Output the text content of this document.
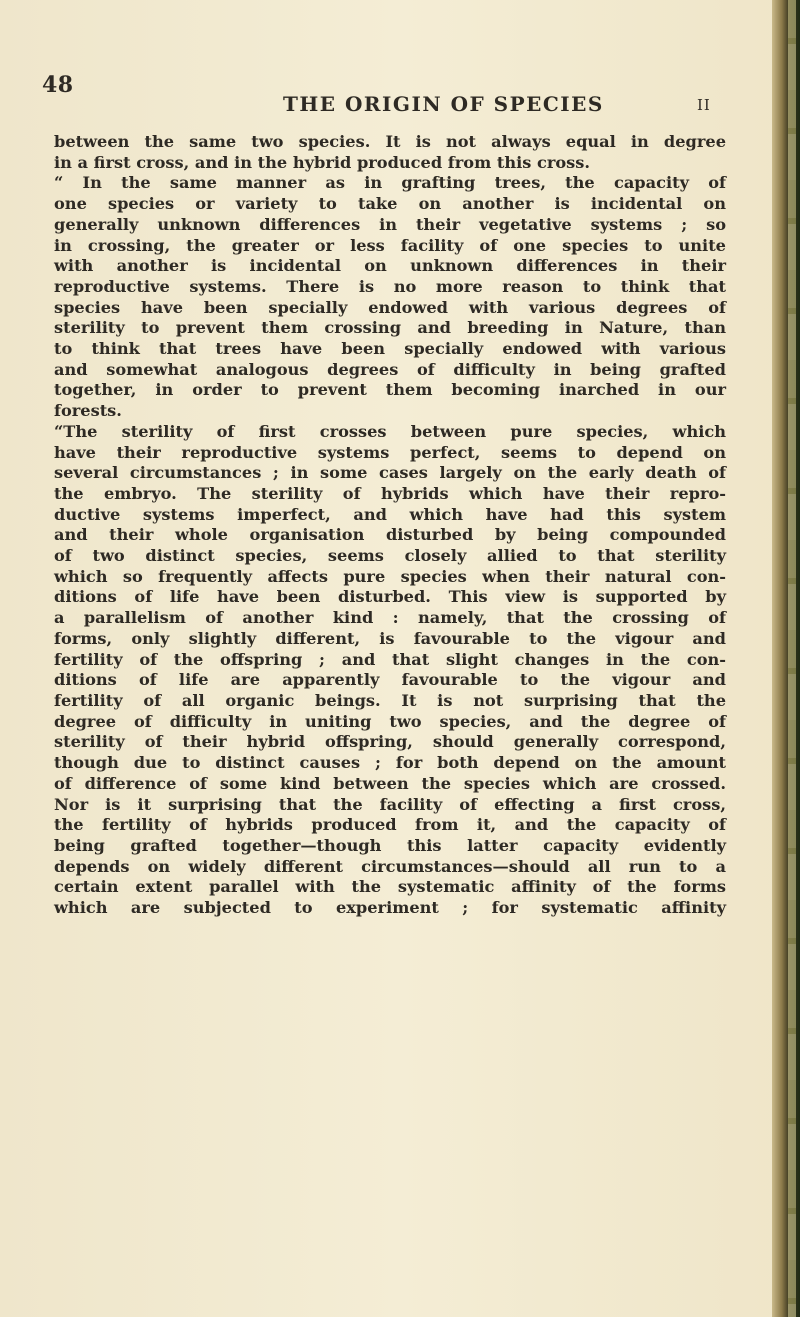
48
THE ORIGIN OF SPECIES	II
between the same two species. It is not always equal in degree
in a first cross, and in the hybrid produced from this cross.
“ In the same manner as in grafting trees, the capacity of
one species or variety to take on another is incidental on
generally unknown differences in their vegetative systems ; so
in crossing, the greater or less facility of one species to unite
with another is incidental on unknown differences in their
reproductive systems. There is no more reason to think that
species have been specially endowed with various degrees of
sterility to prevent them crossing and breeding in Nature, than
to think that trees have been specially endowed with various
and somewhat analogous degrees of difficulty in being grafted
together, in order to prevent them becoming inarched in our
forests.
“The sterility of first crosses between pure species, which
have their reproductive systems perfect, seems to depend on
several circumstances ; in some cases largely on the early death of
the embryo. The sterility of hybrids which have their repro-
ductive systems imperfect, and which have had this system
and their whole organisation disturbed by being compounded
of two distinct species, seems closely allied to that sterility
which so frequently affects pure species when their natural con-
ditions of life have been disturbed. This view is supported by
a parallelism of another kind : namely, that the crossing of
forms, only slightly different, is favourable to the vigour and
fertility of the offspring ; and that slight changes in the con-
ditions of life are apparently favourable to the vigour and
fertility of all organic beings. It is not surprising that the
degree of difficulty in uniting two species, and the degree of
sterility of their hybrid offspring, should generally correspond,
though due to distinct causes ; for both depend on the amount
of difference of some kind between the species which are crossed.
Nor is it surprising that the facility of effecting a first cross,
the fertility of hybrids produced from it, and the capacity of
being grafted together—though this latter capacity evidently
depends on widely different circumstances—should all run to a
certain extent parallel with the systematic affinity of the forms
which are subjected to experiment ; for systematic affinity
